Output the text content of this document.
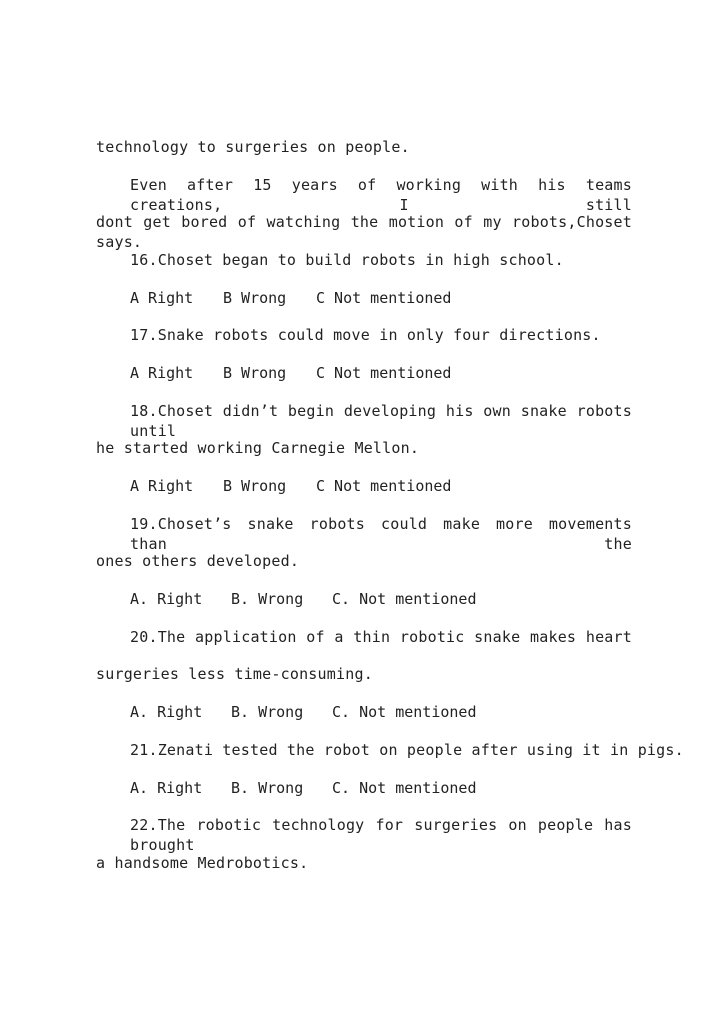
technology to surgeries on people.
Even after 15 years of working with his teams creations, I still
dont get bored of watching the motion of my robots,Choset says.
16.Choset began to build robots in high school.
A Right B Wrong C Not mentioned
17.Snake robots could move in only four directions.
A Right B Wrong C Not mentioned
18.Choset didn’t begin developing his own snake robots until
he started working Carnegie Mellon.
A Right B Wrong C Not mentioned
19.Choset’s snake robots could make more movements than the
ones others developed.
A. Right B. Wrong C. Not mentioned
20.The application of a thin robotic snake makes heart
surgeries less time-consuming.
A. Right B. Wrong C. Not mentioned
21.Zenati tested the robot on people after using it in pigs.
A. Right B. Wrong C. Not mentioned
22.The robotic technology for surgeries on people has brought
a handsome Medrobotics.
